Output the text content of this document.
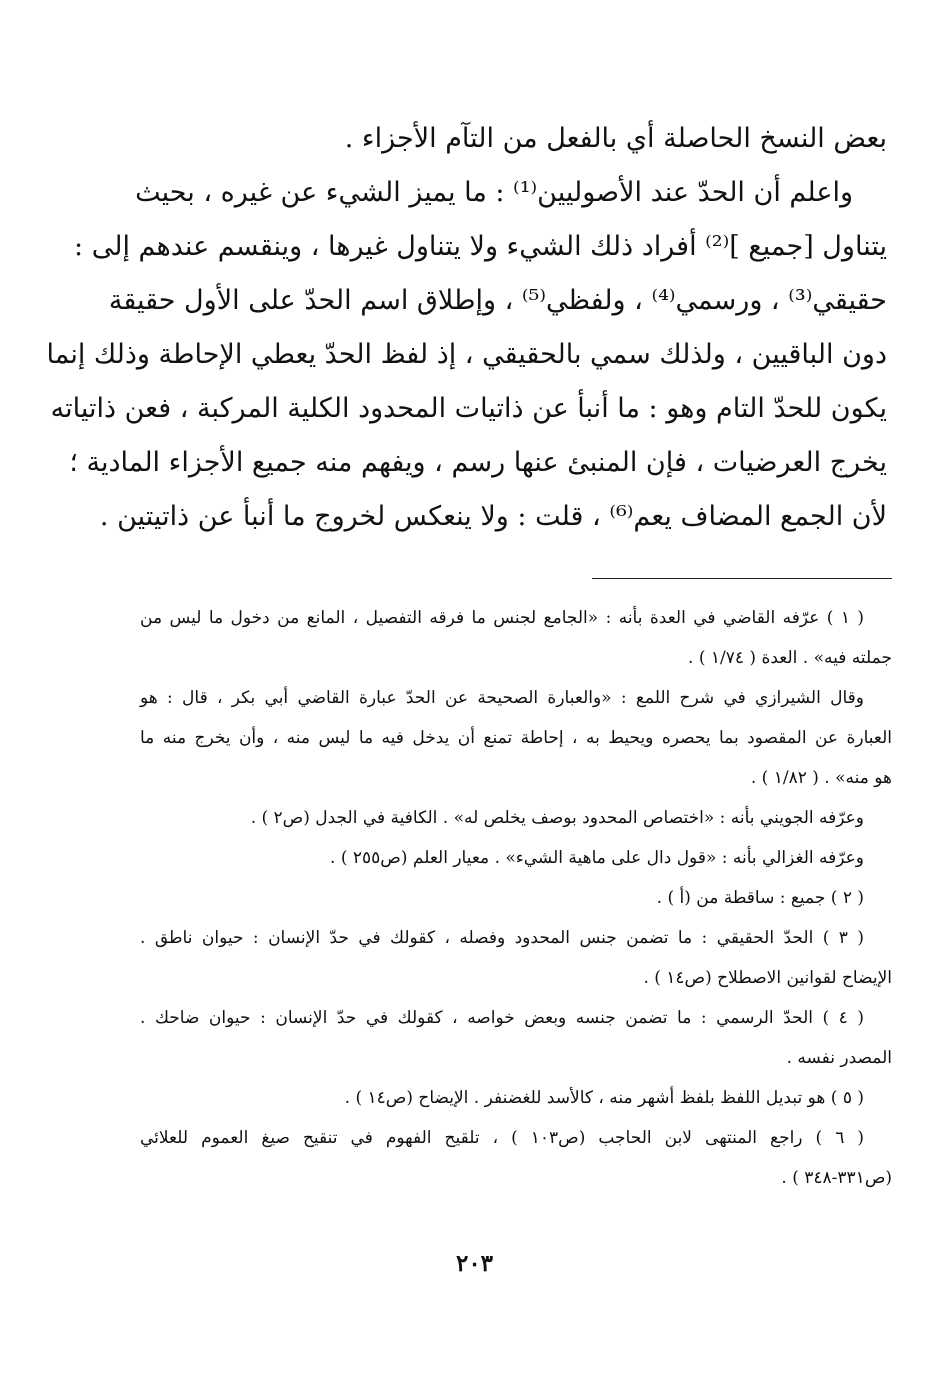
بعض النسخ الحاصلة أي بالفعل من التآم الأجزاء .

واعلم أن الحدّ عند الأصوليين⁽¹⁾ : ما يميز الشيء عن غيره ، بحيث

يتناول [جميع ]⁽²⁾ أفراد ذلك الشيء ولا يتناول غيرها ، وينقسم عندهم إلى :

حقيقي⁽³⁾ ، ورسمي⁽⁴⁾ ، ولفظي⁽⁵⁾ ، وإطلاق اسم الحدّ على الأول حقيقة

دون الباقيين ، ولذلك سمي بالحقيقي ، إذ لفظ الحدّ يعطي الإحاطة وذلك إنما

يكون للحدّ التام وهو : ما أنبأ عن ذاتيات المحدود الكلية المركبة ، فعن ذاتياته

يخرج العرضيات ، فإن المنبئ عنها رسم ، ويفهم منه جميع الأجزاء المادية ؛

لأن الجمع المضاف يعم⁽⁶⁾ ، قلت : ولا ينعكس لخروج ما أنبأ عن ذاتيتين .

( ١ ) عرّفه القاضي في العدة بأنه : «الجامع لجنس ما فرقه التفصيل ، المانع من دخول ما ليس من

جملته فيه» . العدة ( ١/٧٤ ) .

وقال الشيرازي في شرح اللمع : «والعبارة الصحيحة عن الحدّ عبارة القاضي أبي بكر ، قال : هو

العبارة عن المقصود بما يحصره ويحيط به ، إحاطة تمنع أن يدخل فيه ما ليس منه ، وأن يخرج منه ما

هو منه» . ( ١/٨٢ ) .

وعرّفه الجويني بأنه : «اختصاص المحدود بوصف يخلص له» . الكافية في الجدل (ص٢ ) .

وعرّفه الغزالي بأنه : «قول دال على ماهية الشيء» . معيار العلم (ص٢٥٥ ) .

( ٢ ) جميع : ساقطة من (أ ) .

( ٣ ) الحدّ الحقيقي : ما تضمن جنس المحدود وفصله ، كقولك في حدّ الإنسان : حيوان ناطق .

الإيضاح لقوانين الاصطلاح (ص١٤ ) .

( ٤ ) الحدّ الرسمي : ما تضمن جنسه وبعض خواصه ، كقولك في حدّ الإنسان : حيوان ضاحك .

المصدر نفسه .

( ٥ ) هو تبديل اللفظ بلفظ أشهر منه ، كالأسد للغضنفر . الإيضاح (ص١٤ ) .

( ٦ ) راجع المنتهى لابن الحاجب (ص١٠٣ ) ، تلقيح الفهوم في تنقيح صيغ العموم للعلائي

(ص٣٣١-٣٤٨ ) .

٢٠٣
